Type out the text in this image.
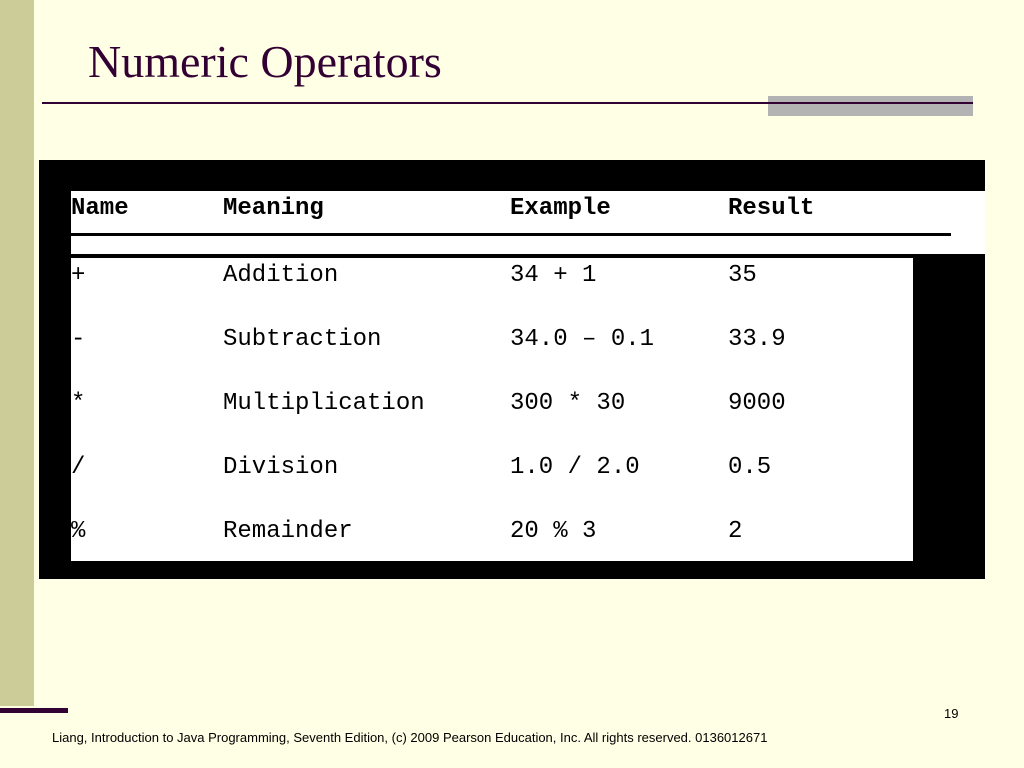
Numeric Operators
Name	Meaning	Example	Result
+	Addition	34 + 1	35
-	Subtraction	34.0 – 0.1	33.9
*	Multiplication	300 * 30	9000
/	Division	1.0 / 2.0	0.5
%	Remainder	20 % 3	2
19
Liang, Introduction to Java Programming, Seventh Edition, (c) 2009 Pearson Education, Inc. All rights reserved. 0136012671
